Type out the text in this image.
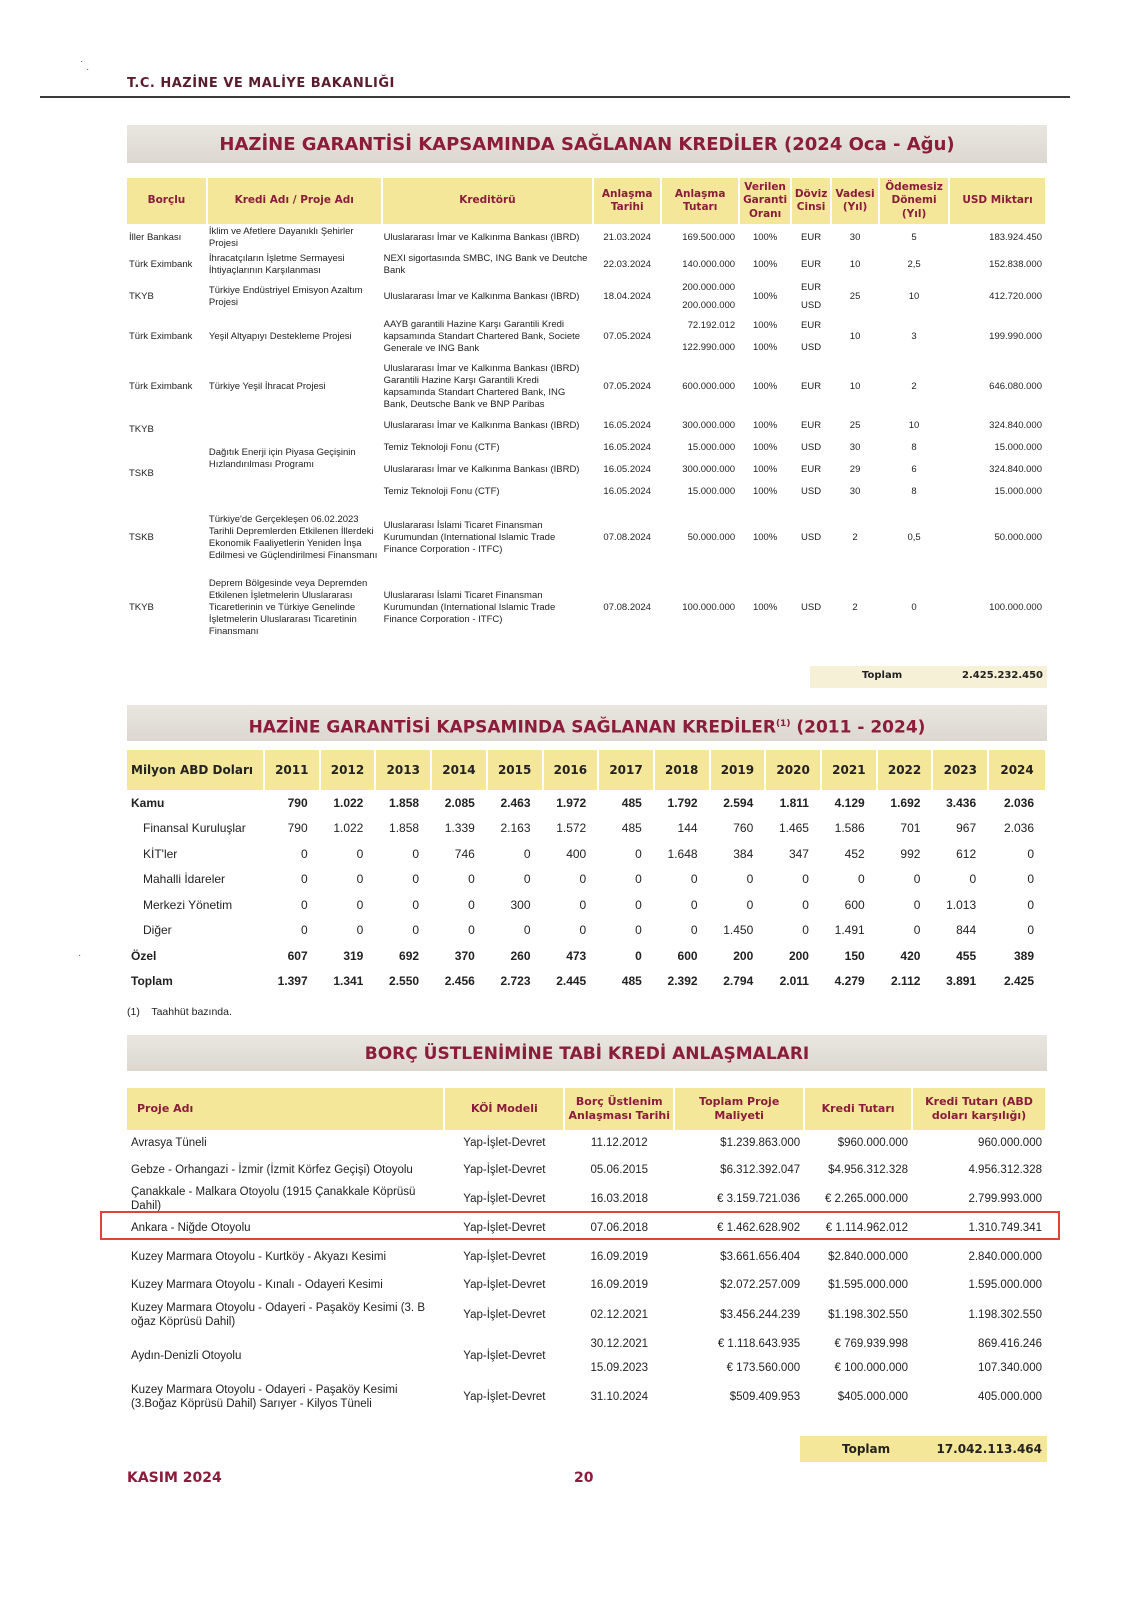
·
·
·
T.C. HAZİNE VE MALİYE BAKANLIĞI
HAZİNE GARANTİSİ KAPSAMINDA SAĞLANAN KREDİLER (2024 Oca - Ağu)
Borçlu	Kredi Adı / Proje Adı	Kreditörü	Anlaşma Tarihi	Anlaşma Tutarı	Verilen Garanti Oranı	Döviz Cinsi	Vadesi (Yıl)	Ödemesiz Dönemi (Yıl)	USD Miktarı
İller Bankası	İklim ve Afetlere Dayanıklı Şehirler Projesi	Uluslararası İmar ve Kalkınma Bankası (IBRD)	21.03.2024	169.500.000	100%	EUR	30	5	183.924.450
Türk Eximbank	İhracatçıların İşletme Sermayesi İhtiyaçlarının Karşılanması	NEXI sigortasında SMBC, ING Bank ve Deutche Bank	22.03.2024	140.000.000	100%	EUR	10	2,5	152.838.000
TKYB	Türkiye Endüstriyel Emisyon Azaltım Projesi	Uluslararası İmar ve Kalkınma Bankası (IBRD)	18.04.2024	200.000.000	100%	EUR	25	10	412.720.000
				200.000.000		USD			
Türk Eximbank	Yeşil Altyapıyı Destekleme Projesi	AAYB garantili Hazine Karşı Garantili Kredi kapsamında Standart Chartered Bank, Societe Generale ve ING Bank	07.05.2024	72.192.012	100%	EUR	10	3	199.990.000
				122.990.000	100%	USD			
Türk Eximbank	Türkiye Yeşil İhracat Projesi	Uluslararası İmar ve Kalkınma Bankası (IBRD) Garantili Hazine Karşı Garantili Kredi kapsamında Standart Chartered Bank, ING Bank, Deutsche Bank ve BNP Paribas	07.05.2024	600.000.000	100%	EUR	10	2	646.080.000
TKYB		Uluslararası İmar ve Kalkınma Bankası (IBRD)	16.05.2024	300.000.000	100%	EUR	25	10	324.840.000
	Dağıtık Enerji için Piyasa Geçişinin Hızlandırılması Programı	Temiz Teknoloji Fonu (CTF)	16.05.2024	15.000.000	100%	USD	30	8	15.000.000
TSKB		Uluslararası İmar ve Kalkınma Bankası (IBRD)	16.05.2024	300.000.000	100%	EUR	29	6	324.840.000
		Temiz Teknoloji Fonu (CTF)	16.05.2024	15.000.000	100%	USD	30	8	15.000.000
TSKB	Türkiye'de Gerçekleşen 06.02.2023 Tarihli Depremlerden Etkilenen İllerdeki Ekonomik Faaliyetlerin Yeniden İnşa Edilmesi ve Güçlendirilmesi Finansmanı	Uluslararası İslami Ticaret Finansman Kurumundan (International Islamic Trade Finance Corporation - ITFC)	07.08.2024	50.000.000	100%	USD	2	0,5	50.000.000
TKYB	Deprem Bölgesinde veya Depremden Etkilenen İşletmelerin Uluslararası Ticaretlerinin ve Türkiye Genelinde İşletmelerin Uluslararası Ticaretinin Finansmanı	Uluslararası İslami Ticaret Finansman Kurumundan (International Islamic Trade Finance Corporation - ITFC)	07.08.2024	100.000.000	100%	USD	2	0	100.000.000
Toplam	2.425.232.450
HAZİNE GARANTİSİ KAPSAMINDA SAĞLANAN KREDİLER$^{(1)}$ (2011 - 2024)
Milyon ABD Doları	2011	2012	2013	2014	2015	2016	2017	2018	2019	2020	2021	2022	2023	2024
Kamu	790	1.022	1.858	2.085	2.463	1.972	485	1.792	2.594	1.811	4.129	1.692	3.436	2.036
Finansal Kuruluşlar	790	1.022	1.858	1.339	2.163	1.572	485	144	760	1.465	1.586	701	967	2.036
KİT'ler	0	0	0	746	0	400	0	1.648	384	347	452	992	612	0
Mahalli İdareler	0	0	0	0	0	0	0	0	0	0	0	0	0	0
Merkezi Yönetim	0	0	0	0	300	0	0	0	0	0	600	0	1.013	0
Diğer	0	0	0	0	0	0	0	0	1.450	0	1.491	0	844	0
Özel	607	319	692	370	260	473	0	600	200	200	150	420	455	389
Toplam	1.397	1.341	2.550	2.456	2.723	2.445	485	2.392	2.794	2.011	4.279	2.112	3.891	2.425
(1) Taahhüt bazında.
BORÇ ÜSTLENİMİNE TABİ KREDİ ANLAŞMALARI
Proje Adı	KÖİ Modeli	Borç Üstlenim Anlaşması Tarihi	Toplam Proje Maliyeti	Kredi Tutarı	Kredi Tutarı (ABD doları karşılığı)
Avrasya Tüneli	Yap-İşlet-Devret	11.12.2012	$1.239.863.000	$960.000.000	960.000.000
Gebze - Orhangazi - İzmir (İzmit Körfez Geçişi) Otoyolu	Yap-İşlet-Devret	05.06.2015	$6.312.392.047	$4.956.312.328	4.956.312.328
Çanakkale - Malkara Otoyolu (1915 Çanakkale Köprüsü Dahil)	Yap-İşlet-Devret	16.03.2018	€ 3.159.721.036	€ 2.265.000.000	2.799.993.000
Ankara - Niğde Otoyolu	Yap-İşlet-Devret	07.06.2018	€ 1.462.628.902	€ 1.114.962.012	1.310.749.341
Kuzey Marmara Otoyolu - Kurtköy - Akyazı Kesimi	Yap-İşlet-Devret	16.09.2019	$3.661.656.404	$2.840.000.000	2.840.000.000
Kuzey Marmara Otoyolu - Kınalı - Odayeri Kesimi	Yap-İşlet-Devret	16.09.2019	$2.072.257.009	$1.595.000.000	1.595.000.000
Kuzey Marmara Otoyolu - Odayeri - Paşaköy Kesimi (3. B oğaz Köprüsü Dahil)	Yap-İşlet-Devret	02.12.2021	$3.456.244.239	$1.198.302.550	1.198.302.550
Aydın-Denizli Otoyolu	Yap-İşlet-Devret	30.12.2021	€ 1.118.643.935	€ 769.939.998	869.416.246
		15.09.2023	€ 173.560.000	€ 100.000.000	107.340.000
Kuzey Marmara Otoyolu - Odayeri - Paşaköy Kesimi (3.Boğaz Köprüsü Dahil) Sarıyer - Kilyos Tüneli	Yap-İşlet-Devret	31.10.2024	$509.409.953	$405.000.000	405.000.000
Toplam	17.042.113.464
KASIM 2024	20
